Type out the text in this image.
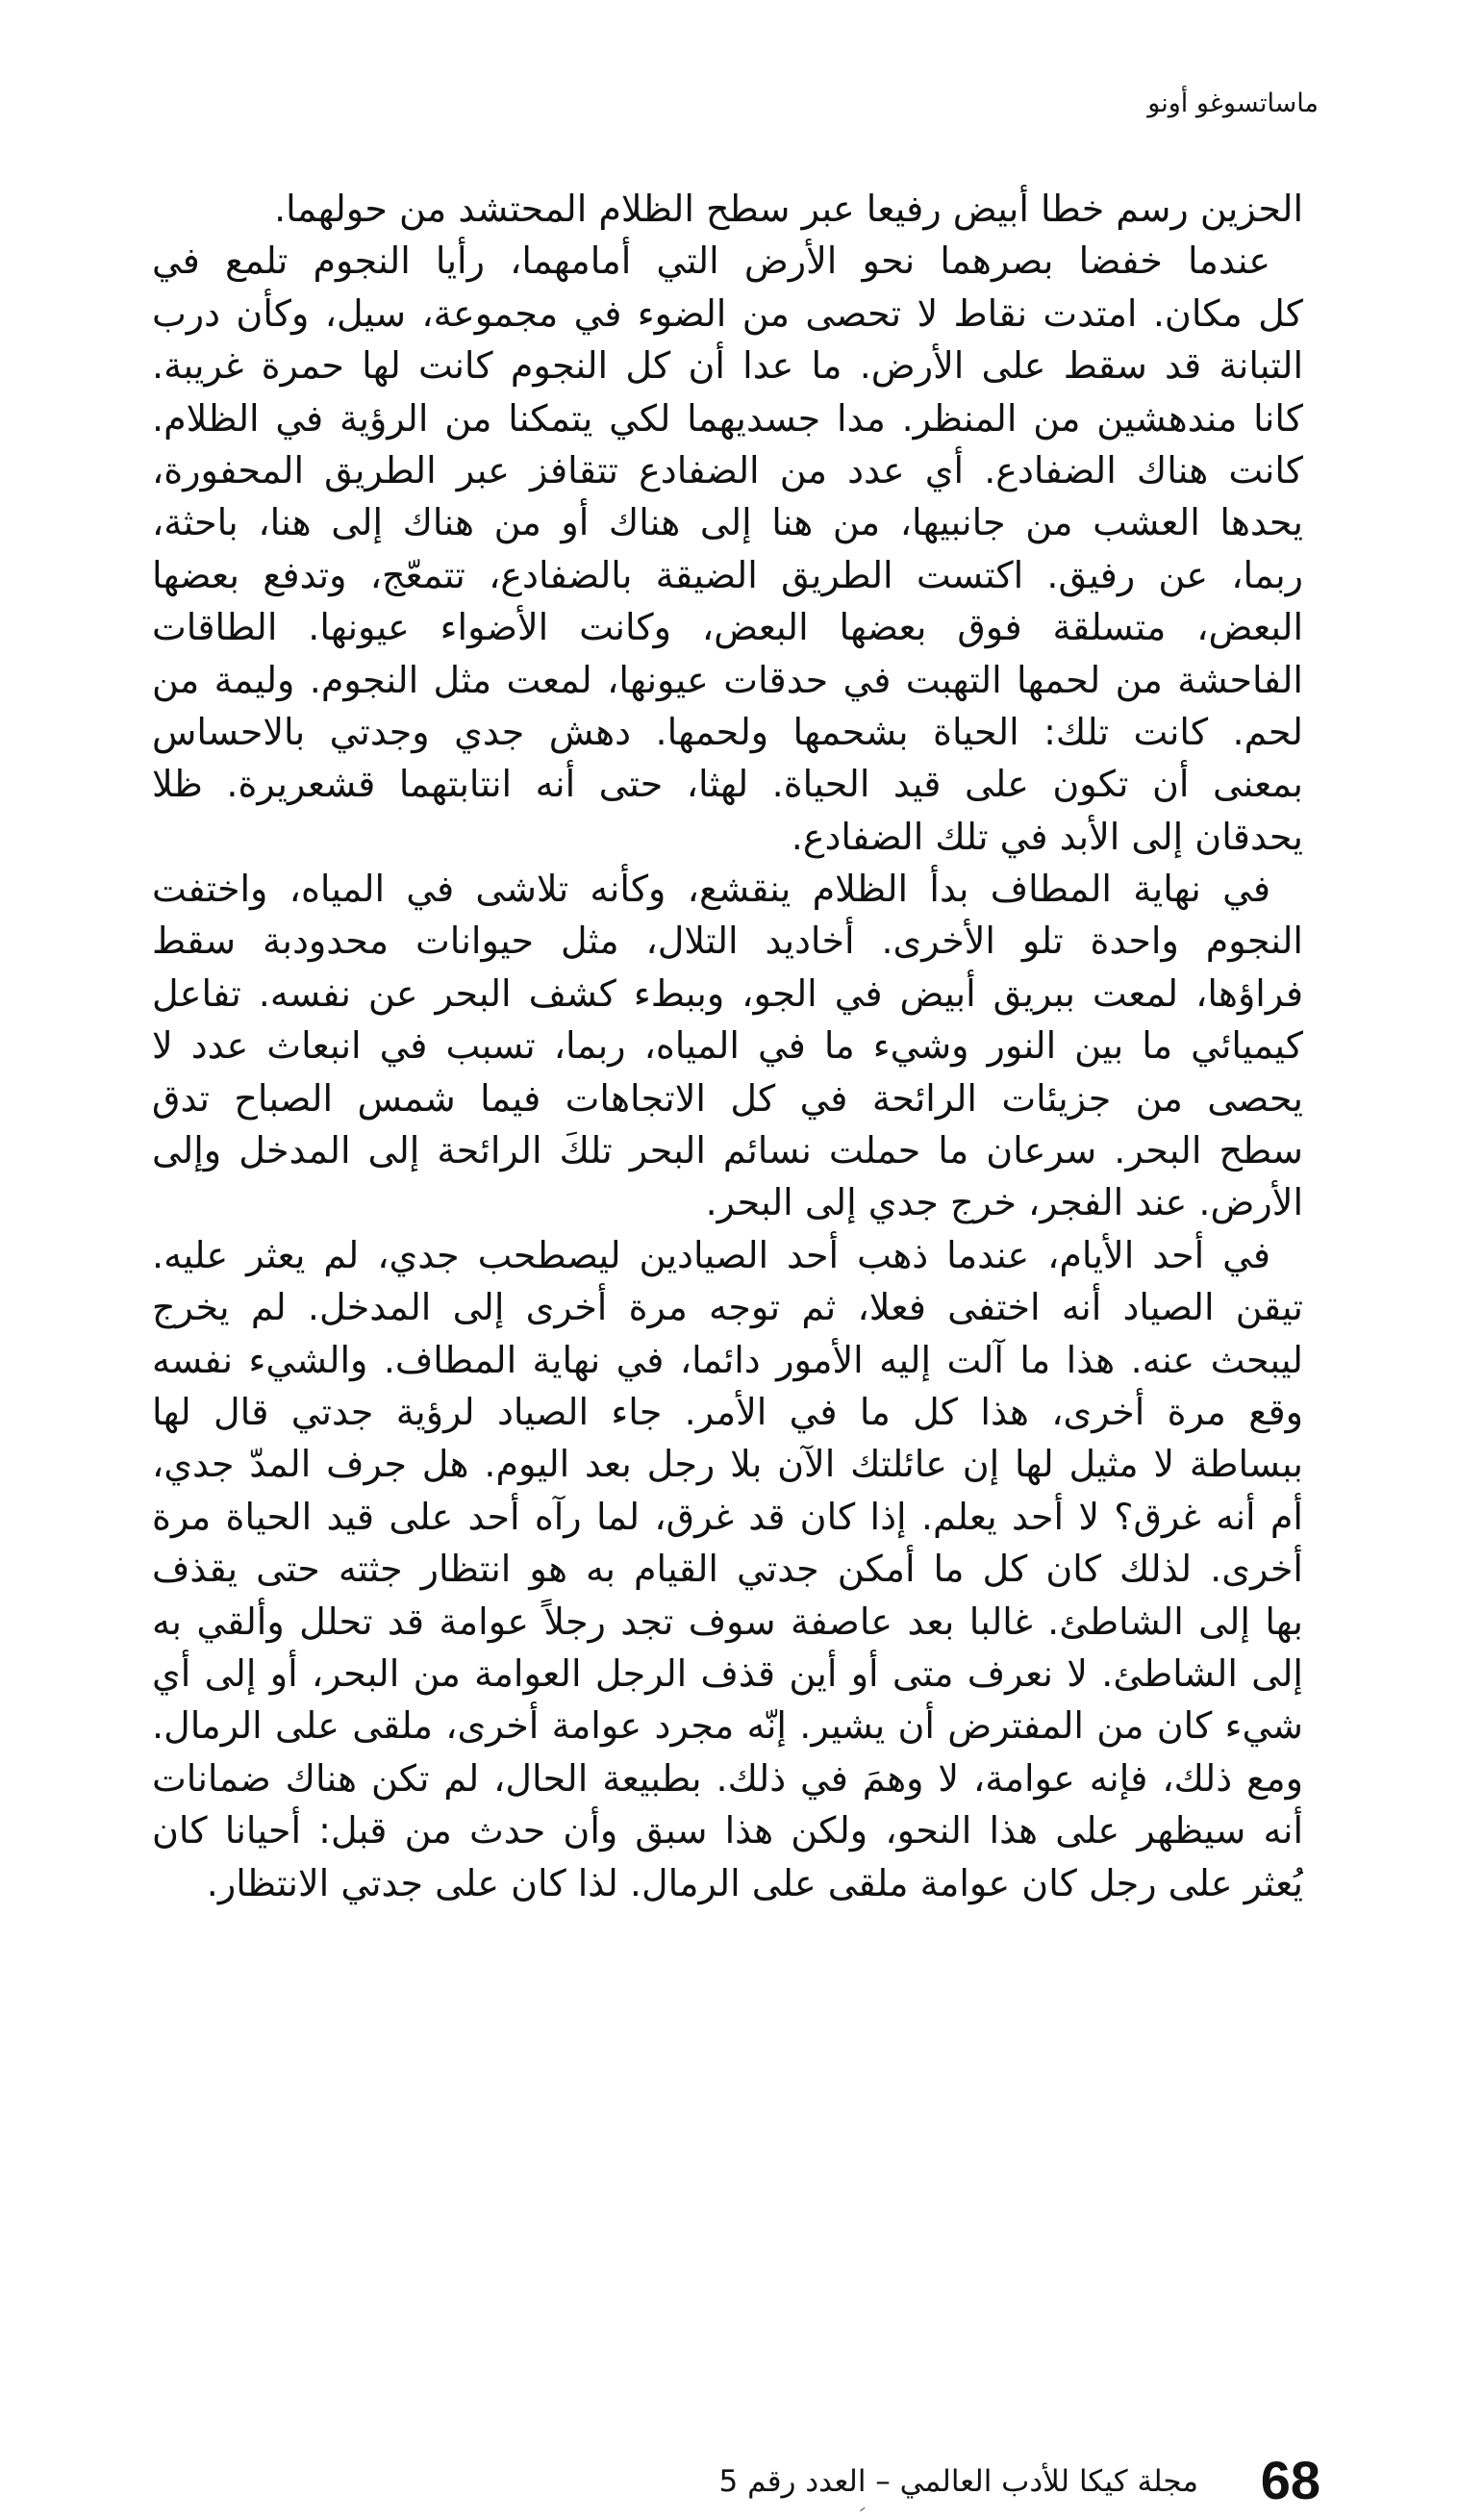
ماساتسوغو أونو
الحزين رسم خطا أبيض رفيعا عبر سطح الظلام المحتشد من حولهما.
عندما خفضا بصرهما نحو الأرض التي أمامهما، رأيا النجوم تلمع في
كل مكان. امتدت نقاط لا تحصى من الضوء في مجموعة، سيل، وكأن درب
التبانة قد سقط على الأرض. ما عدا أن كل النجوم كانت لها حمرة غريبة.
كانا مندهشين من المنظر. مدا جسديهما لكي يتمكنا من الرؤية في الظلام.
كانت هناك الضفادع. أي عدد من الضفادع تتقافز عبر الطريق المحفورة،
يحدها العشب من جانبيها، من هنا إلى هناك أو من هناك إلى هنا، باحثة،
ربما، عن رفيق. اكتست الطريق الضيقة بالضفادع، تتمعّج، وتدفع بعضها
البعض، متسلقة فوق بعضها البعض، وكانت الأضواء عيونها. الطاقات
الفاحشة من لحمها التهبت في حدقات عيونها، لمعت مثل النجوم. وليمة من
لحم. كانت تلك: الحياة بشحمها ولحمها. دهش جدي وجدتي بالاحساس
بمعنى أن تكون على قيد الحياة. لهثا، حتى أنه انتابتهما قشعريرة. ظلا
يحدقان إلى الأبد في تلك الضفادع.
في نهاية المطاف بدأ الظلام ينقشع، وكأنه تلاشى في المياه، واختفت
النجوم واحدة تلو الأخرى. أخاديد التلال، مثل حيوانات محدودبة سقط
فراؤها، لمعت ببريق أبيض في الجو، وببطء كشف البحر عن نفسه. تفاعل
كيميائي ما بين النور وشيء ما في المياه، ربما، تسبب في انبعاث عدد لا
يحصى من جزيئات الرائحة في كل الاتجاهات فيما شمس الصباح تدق
سطح البحر. سرعان ما حملت نسائم البحر تلكَ الرائحة إلى المدخل وإلى
الأرض. عند الفجر، خرج جدي إلى البحر.
في أحد الأيام، عندما ذهب أحد الصيادين ليصطحب جدي، لم يعثر عليه.
تيقن الصياد أنه اختفى فعلا، ثم توجه مرة أخرى إلى المدخل. لم يخرج
ليبحث عنه. هذا ما آلت إليه الأمور دائما، في نهاية المطاف. والشيء نفسه
وقع مرة أخرى، هذا كل ما في الأمر. جاء الصياد لرؤية جدتي قال لها
ببساطة لا مثيل لها إن عائلتك الآن بلا رجل بعد اليوم. هل جرف المدّ جدي،
أم أنه غرق؟ لا أحد يعلم. إذا كان قد غرق، لما رآه أحد على قيد الحياة مرة
أخرى. لذلك كان كل ما أمكن جدتي القيام به هو انتظار جثته حتى يقذف
بها إلى الشاطئ. غالبا بعد عاصفة سوف تجد رجلاً عوامة قد تحلل وألقي به
إلى الشاطئ. لا نعرف متى أو أين قذف الرجل العوامة من البحر، أو إلى أي
شيء كان من المفترض أن يشير. إنّه مجرد عوامة أخرى، ملقى على الرمال.
ومع ذلك، فإنه عوامة، لا وهمَ في ذلك. بطبيعة الحال، لم تكن هناك ضمانات
أنه سيظهر على هذا النحو، ولكن هذا سبق وأن حدث من قبل: أحيانا كان
يُعثر على رجل كان عوامة ملقى على الرمال. لذا كان على جدتي الانتظار.
68
مجلة كيكا للأدب العالمي – العدد رقم 5
